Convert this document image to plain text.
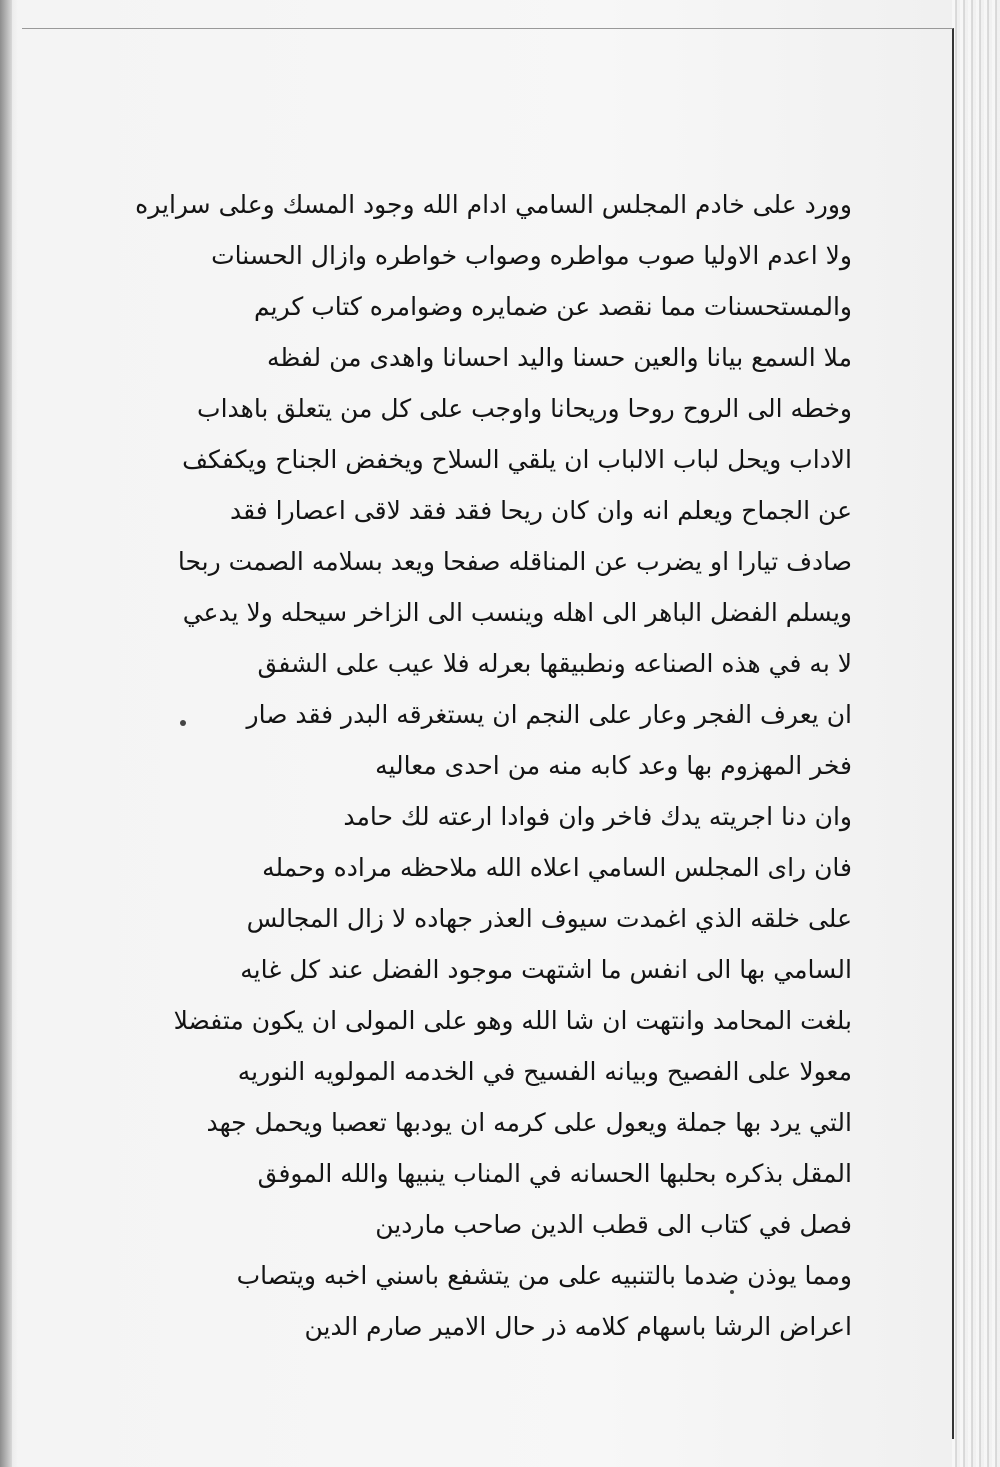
وورد على خادم المجلس السامي ادام الله وجود المسك وعلى سرايره
ولا اعدم الاوليا صوب مواطره وصواب خواطره وازال الحسنات
والمستحسنات مما نقصد عن ضمايره وضوامره كتاب كريم
ملا السمع بيانا والعين حسنا واليد احسانا واهدى من لفظه
وخطه الى الروح روحا وريحانا واوجب على كل من يتعلق باهداب
الاداب ويحل لباب الالباب ان يلقي السلاح ويخفض الجناح ويكفكف
عن الجماح ويعلم انه وان كان ريحا فقد فقد لاقى اعصارا فقد
صادف تيارا او يضرب عن المناقله صفحا ويعد بسلامه الصمت ربحا
ويسلم الفضل الباهر الى اهله وينسب الى الزاخر سيحله ولا يدعي
لا به في هذه الصناعه ونطبيقها بعرله فلا عيب على الشفق
ان يعرف الفجر وعار على النجم ان يستغرقه البدر فقد صار
فخر المهزوم بها وعد كابه منه من احدى معاليه
وان دنا اجريته يدك فاخر وان فوادا ارعته لك حامد
فان راى المجلس السامي اعلاه الله ملاحظه مراده وحمله
على خلقه الذي اغمدت سيوف العذر جهاده لا زال المجالس
السامي بها الى انفس ما اشتهت موجود الفضل عند كل غايه
بلغت المحامد وانتهت ان شا الله وهو على المولى ان يكون متفضلا
معولا على الفصيح وبيانه الفسيح في الخدمه المولويه النوريه
التي يرد بها جملة ويعول على كرمه ان يودبها تعصبا ويحمل جهد
المقل بذكره بحلبها الحسانه في المناب ينبيها والله الموفق
فصل في كتاب الى قطب الدين صاحب ماردين
ومما يوذن ضدما بالتنبيه على من يتشفع باسني اخبه ويتصاب
اعراض الرشا باسهام كلامه ذر حال الامير صارم الدين
